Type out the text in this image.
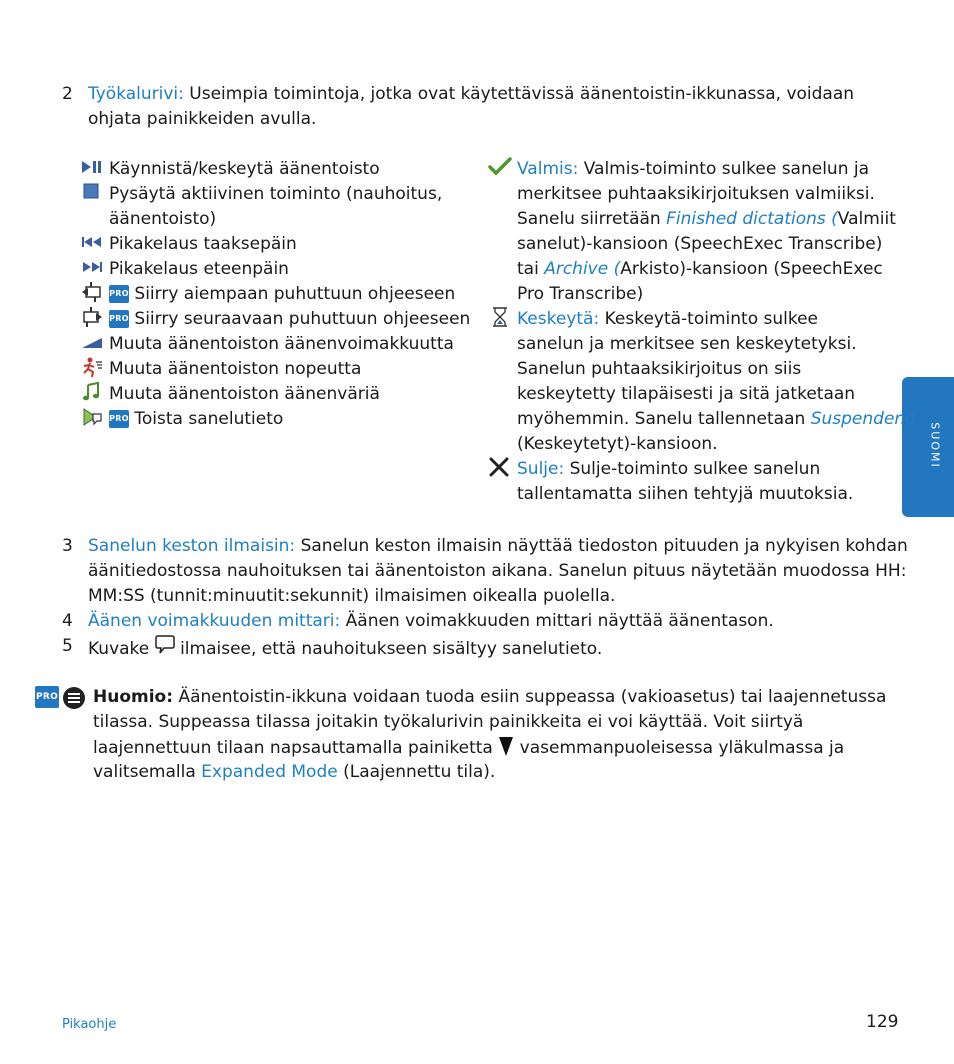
SUOMI
2 Työkalurivi: Useimpia toimintoja, jotka ovat käytettävissä äänentoistin-ikkunassa, voidaan
ohjata painikkeiden avulla.
Käynnistä/keskeytä äänentoisto
Pysäytä aktiivinen toiminto (nauhoitus,
äänentoisto)
Pikakelaus taaksepäin
Pikakelaus eteenpäin
PRO Siirry aiempaan puhuttuun ohjeeseen
PRO Siirry seuraavaan puhuttuun ohjeeseen
Muuta äänentoiston äänenvoimakkuutta
Muuta äänentoiston nopeutta
Muuta äänentoiston äänenväriä
PRO Toista sanelutieto
Valmis: Valmis-toiminto sulkee sanelun ja
merkitsee puhtaaksikirjoituksen valmiiksi.
Sanelu siirretään Finished dictations (Valmiit
sanelut)-kansioon (SpeechExec Transcribe)
tai Archive (Arkisto)-kansioon (SpeechExec
Pro Transcribe)
Keskeytä: Keskeytä-toiminto sulkee
sanelun ja merkitsee sen keskeytetyksi.
Sanelun puhtaaksikirjoitus on siis
keskeytetty tilapäisesti ja sitä jatketaan
myöhemmin. Sanelu tallennetaan Suspendend
(Keskeytetyt)-kansioon.
Sulje: Sulje-toiminto sulkee sanelun
tallentamatta siihen tehtyjä muutoksia.
3 Sanelun keston ilmaisin: Sanelun keston ilmaisin näyttää tiedoston pituuden ja nykyisen kohdan
äänitiedostossa nauhoituksen tai äänentoiston aikana. Sanelun pituus näytetään muodossa HH:
MM:SS (tunnit:minuutit:sekunnit) ilmaisimen oikealla puolella.
4 Äänen voimakkuuden mittari: Äänen voimakkuuden mittari näyttää äänentason.
5 Kuvake ilmaisee, että nauhoitukseen sisältyy sanelutieto.
PRO Huomio: Äänentoistin-ikkuna voidaan tuoda esiin suppeassa (vakioasetus) tai laajennetussa
tilassa. Suppeassa tilassa joitakin työkalurivin painikkeita ei voi käyttää. Voit siirtyä
laajennettuun tilaan napsauttamalla painiketta vasemmanpuoleisessa yläkulmassa ja
valitsemalla Expanded Mode (Laajennettu tila).
Pikaohje	129
